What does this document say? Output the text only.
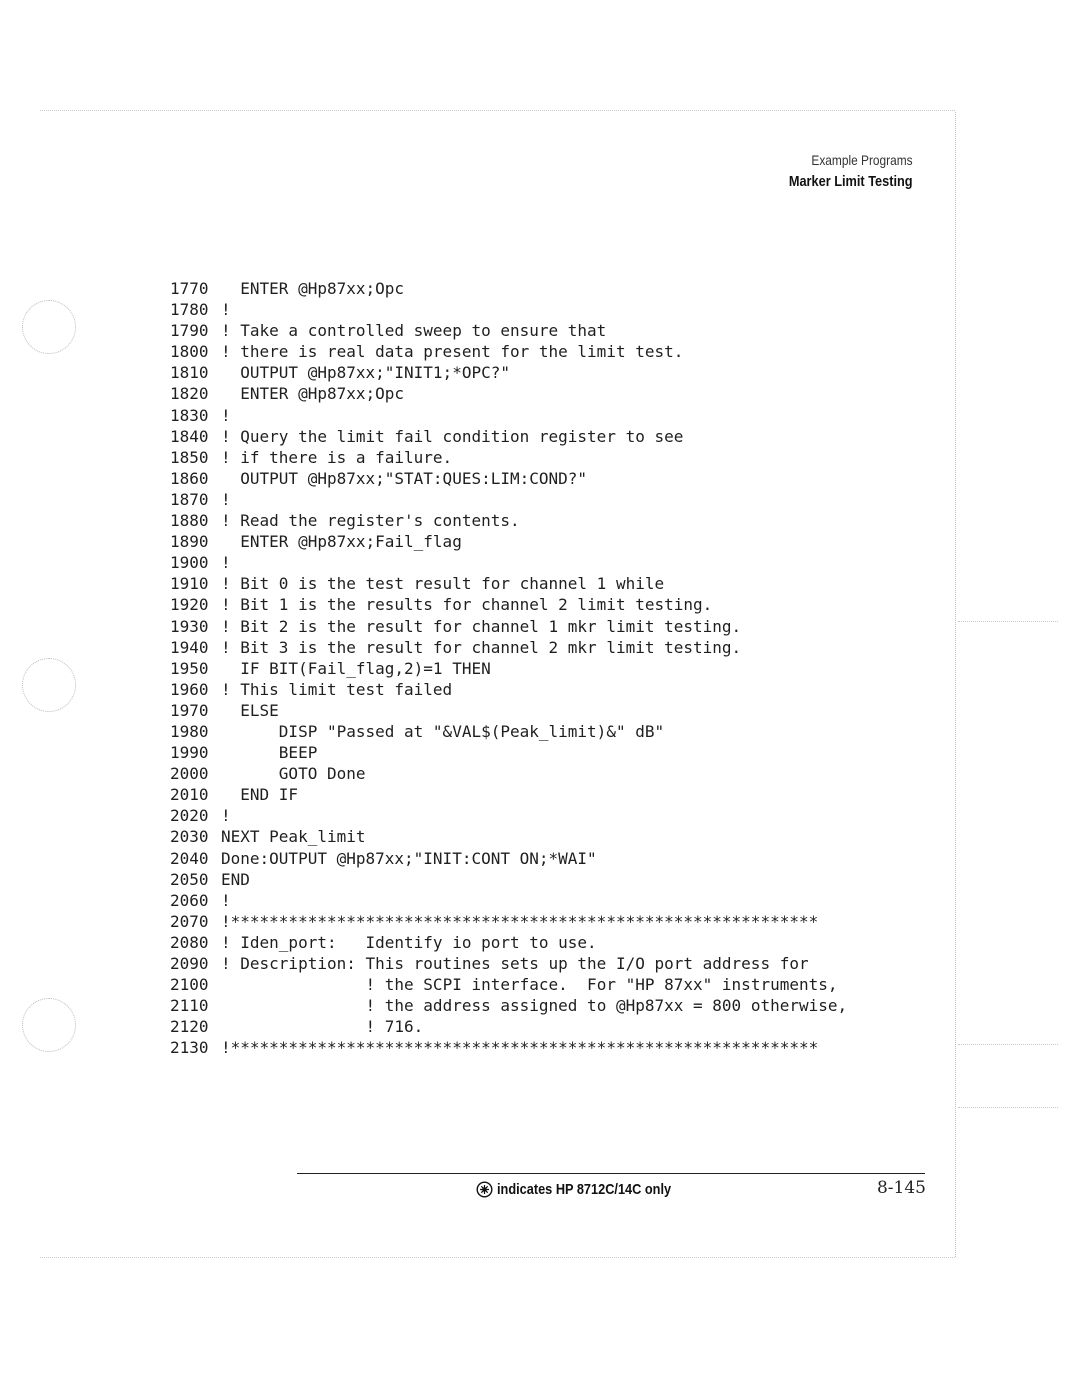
Example Programs
Marker Limit Testing
1770 ENTER @Hp87xx;Opc
1780 !
1790 ! Take a controlled sweep to ensure that
1800 ! there is real data present for the limit test.
1810 OUTPUT @Hp87xx;"INIT1;*OPC?"
1820 ENTER @Hp87xx;Opc
1830 !
1840 ! Query the limit fail condition register to see
1850 ! if there is a failure.
1860 OUTPUT @Hp87xx;"STAT:QUES:LIM:COND?"
1870 !
1880 ! Read the register's contents.
1890 ENTER @Hp87xx;Fail_flag
1900 !
1910 ! Bit 0 is the test result for channel 1 while
1920 ! Bit 1 is the results for channel 2 limit testing.
1930 ! Bit 2 is the result for channel 1 mkr limit testing.
1940 ! Bit 3 is the result for channel 2 mkr limit testing.
1950 IF BIT(Fail_flag,2)=1 THEN
1960 ! This limit test failed
1970 ELSE
1980	DISP "Passed at "&VAL$(Peak_limit)&" dB"
1990	BEEP
2000	GOTO Done
2010 END IF
2020 !
2030 NEXT Peak_limit
2040 Done:OUTPUT @Hp87xx;"INIT:CONT ON;*WAI"
2050 END
2060 !
2070 !*************************************************************
2080 ! Iden_port:   Identify io port to use.
2090 ! Description: This routines sets up the I/O port address for
2100	! the SCPI interface.  For "HP 87xx" instruments,
2110	! the address assigned to @Hp87xx = 800 otherwise,
2120	! 716.
2130 !*************************************************************
indicates HP 8712C/14C only	8-145
